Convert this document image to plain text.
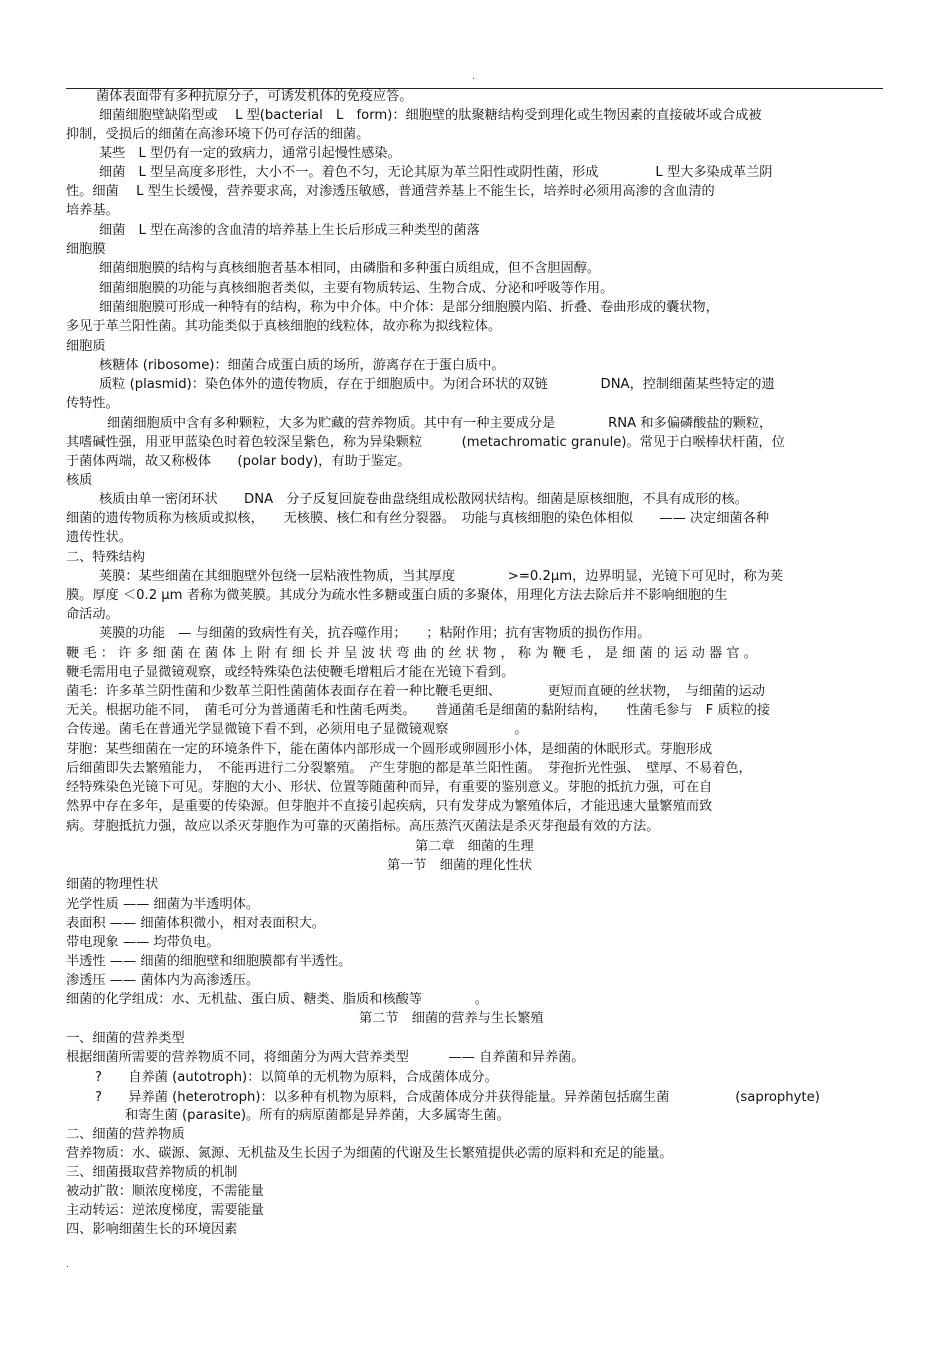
.
菌体表面带有多种抗原分子，可诱发机体的免疫应答。
细菌细胞壁缺陷型或 　L 型(bacterial　L　form)：细胞壁的肽聚糖结构受到理化或生物因素的直接破坏或合成被
抑制，受损后的细菌在高渗环境下仍可存活的细菌。
某些　L 型仍有一定的致病力，通常引起慢性感染。
细菌　L 型呈高度多形性，大小不一。着色不匀，无论其原为革兰阳性或阴性菌，形成 　　　　L 型大多染成革兰阴
性。细菌　 L 型生长缓慢，营养要求高，对渗透压敏感，普通营养基上不能生长，培养时必须用高渗的含血清的
培养基。
细菌　L 型在高渗的含血清的培养基上生长后形成三种类型的菌落
细胞膜
细菌细胞膜的结构与真核细胞者基本相同，由磷脂和多种蛋白质组成，但不含胆固醇。
细菌细胞膜的功能与真核细胞者类似，主要有物质转运、生物合成、分泌和呼吸等作用。
细菌细胞膜可形成一种特有的结构，称为中介体。中介体：是部分细胞膜内陷、折叠、卷曲形成的囊状物，
多见于革兰阳性菌。其功能类似于真核细胞的线粒体，故亦称为拟线粒体。
细胞质
核糖体 (ribosome)：细菌合成蛋白质的场所，游离存在于蛋白质中。
质粒 (plasmid)：染色体外的遗传物质，存在于细胞质中。为闭合环状的双链　　　　DNA，控制细菌某些特定的遗
传特性。
细菌细胞质中含有多种颗粒，大多为贮藏的营养物质。其中有一种主要成分是　　　　RNA 和多偏磷酸盐的颗粒，
其嗜碱性强，用亚甲蓝染色时着色较深呈紫色，称为异染颗粒　　　(metachromatic granule)。常见于白喉棒状杆菌，位
于菌体两端，故又称极体　　(polar body)，有助于鉴定。
核质
核质由单一密闭环状　　DNA　分子反复回旋卷曲盘绕组成松散网状结构。细菌是原核细胞，不具有成形的核。
细菌的遗传物质称为核质或拟核，　　无核膜、核仁和有丝分裂器。　功能与真核细胞的染色体相似　　—— 决定细菌各种
遗传性状。
二、特殊结构
荚膜：某些细菌在其细胞壁外包绕一层粘液性物质，当其厚度　　　　>=0.2μm，边界明显，光镜下可见时，称为荚
膜。厚度 ＜0.2 μm 者称为微荚膜。其成分为疏水性多糖或蛋白质的多聚体，用理化方法去除后并不影响细胞的生
命活动。
荚膜的功能　— 与细菌的致病性有关，抗吞噬作用；　　；粘附作用；抗有害物质的损伤作用。
鞭 毛 ： 许 多 细 菌 在 菌 体 上 附 有 细 长 并 呈 波 状 弯 曲 的 丝 状 物 ， 称 为 鞭 毛 ， 是 细 菌 的 运 动 器 官 。
鞭毛需用电子显微镜观察，或经特殊染色法使鞭毛增粗后才能在光镜下看到。
菌毛：许多革兰阴性菌和少数革兰阳性菌菌体表面存在着一种比鞭毛更细、　　　　更短而直硬的丝状物，　与细菌的运动
无关。根据功能不同，　菌毛可分为普通菌毛和性菌毛两类。　　普通菌毛是细菌的黏附结构，　　性菌毛参与　F 质粒的接
合传递。菌毛在普通光学显微镜下看不到，必须用电子显微镜观察　　　　　。
芽胞：某些细菌在一定的环境条件下，能在菌体内部形成一个圆形或卵圆形小体，是细菌的休眠形式。芽胞形成
后细菌即失去繁殖能力，　不能再进行二分裂繁殖。　产生芽胞的都是革兰阳性菌。　芽孢折光性强、　壁厚、不易着色，
经特殊染色光镜下可见。芽胞的大小、形状、位置等随菌种而异，有重要的鉴别意义。芽胞的抵抗力强，可在自
然界中存在多年，是重要的传染源。但芽胞并不直接引起疾病，只有发芽成为繁殖体后，才能迅速大量繁殖而致
病。芽胞抵抗力强，故应以杀灭芽胞作为可靠的灭菌指标。高压蒸汽灭菌法是杀灭芽孢最有效的方法。
第二章　细菌的生理
第一节　细菌的理化性状
细菌的物理性状
光学性质 —— 细菌为半透明体。
表面积 —— 细菌体积微小，相对表面积大。
带电现象 —— 均带负电。
半透性 —— 细菌的细胞壁和细胞膜都有半透性。
渗透压 —— 菌体内为高渗透压。
细菌的化学组成：水、无机盐、蛋白质、糖类、脂质和核酸等　　　　。
第二节　细菌的营养与生长繁殖
一、细菌的营养类型
根据细菌所需要的营养物质不同，将细菌分为两大营养类型　　　—— 自养菌和异养菌。
?　　自养菌 (autotroph)：以简单的无机物为原料，合成菌体成分。
?　　异养菌 (heterotroph)：以多种有机物为原料，合成菌体成分并获得能量。异养菌包括腐生菌　　　　　(saprophyte)
和寄生菌 (parasite)。所有的病原菌都是异养菌，大多属寄生菌。
二、细菌的营养物质
营养物质：水、碳源、氮源、无机盐及生长因子为细菌的代谢及生长繁殖提供必需的原料和充足的能量。
三、细菌摄取营养物质的机制
被动扩散：顺浓度梯度，不需能量
主动转运：逆浓度梯度，需要能量
四、影响细菌生长的环境因素
.
